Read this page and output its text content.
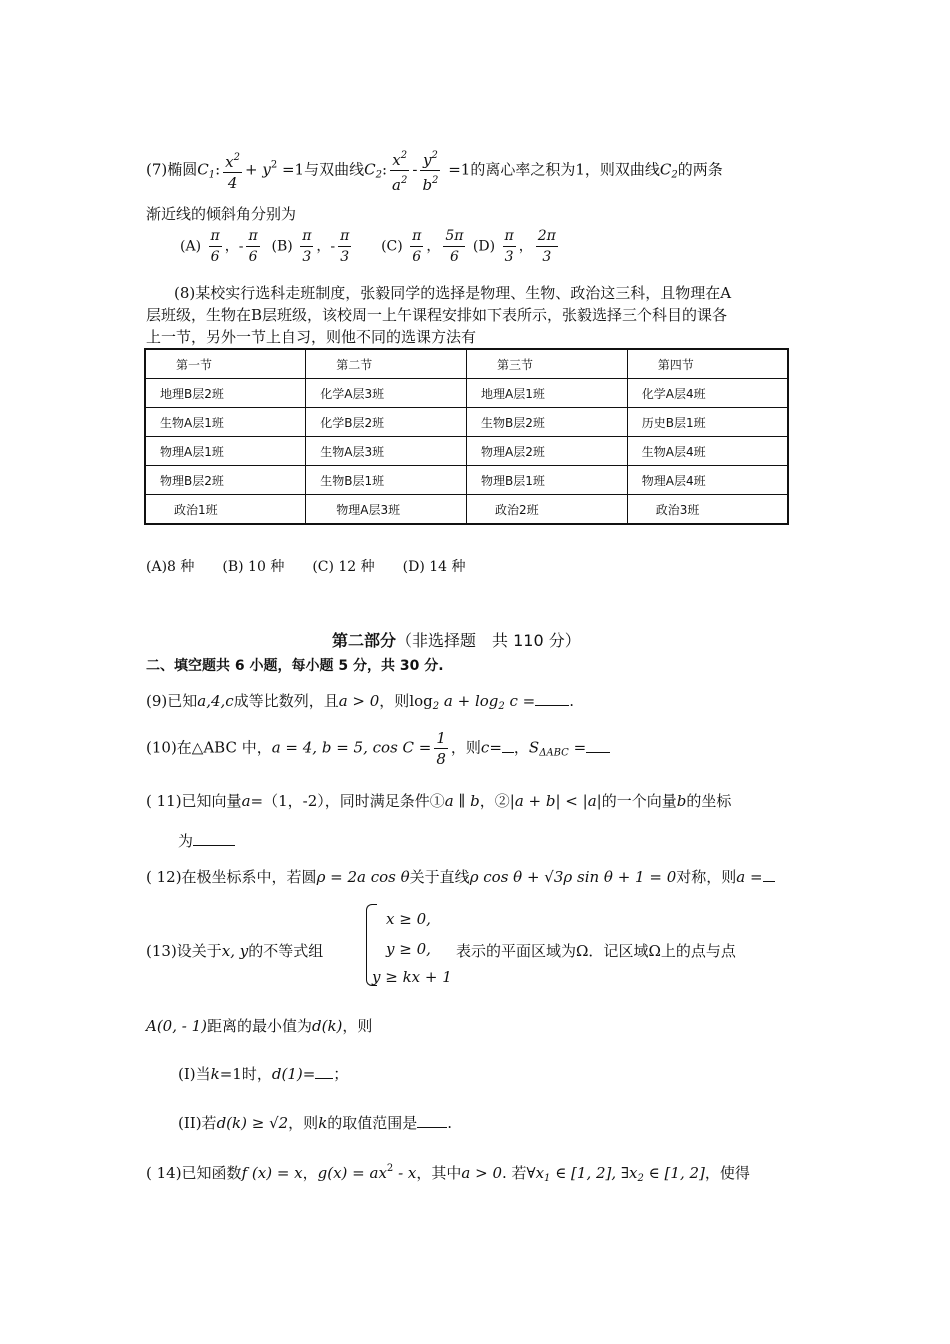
(7)椭圆$C_1$: $\frac{x^2}{4} + y^2 =1$与双曲线$C_2$: $\frac{x^2}{a^2} - \frac{y^2}{b^2} =1$的离心率之积为1，则双曲线$C_2$的两条
渐近线的倾斜角分别为
$(A) \frac{\pi}{6}$ ，- $\frac{\pi}{6} (B) \frac{\pi}{3}$ ，- $\frac{\pi}{3} (C) \frac{\pi}{6}$ ， $\frac{5\pi}{6} (D) \frac{\pi}{3}$ ， $\frac{2\pi}{3}$
(8)某校实行选科走班制度，张毅同学的选择是物理、生物、政治这三科，且物理在A
层班级，生物在B层班级，该校周一上午课程安排如下表所示，张毅选择三个科目的课各
上一节，另外一节上自习，则他不同的选课方法有
第一节	第二节	第三节	第四节
地理B层2班	化学A层3班	地理A层1班	化学A层4班
生物A层1班	化学B层2班	生物B层2班	历史B层1班
物理A层1班	生物A层3班	物理A层2班	生物A层4班
物理B层2班	生物B层1班	物理B层1班	物理A层4班
政治1班	物理A层3班	政治2班	政治3班
(A)8 种　　(B) 10 种　　(C) 12 种　　(D) 14 种
第二部分（非选择题　共 110 分）
二、填空题共 6 小题，每小题 5 分，共 30 分.
(9)已知a,4,c成等比数列，且a > 0，则$\log_2 a + \log_2 c$ = .
(10)在△ABC 中，a = 4, b = 5, $\cos C = \frac{1}{8}$ ，则c= ，$S_{\Delta ABC}$ =
( 11)已知向量a=（1，-2），同时满足条件①a ∥ b，②|a + b| < |a|的一个向量b的坐标
为
( 12)在极坐标系中，若圆ρ = 2a cos θ关于直线ρ cos θ + √3ρ sin θ + 1 = 0对称，则a =
(13)设关于x, y的不等式组
x ≥ 0,
y ≥ 0,
y ≥ kx + 1
表示的平面区域为Ω．记区域Ω上的点与点
A(0, - 1)距离的最小值为d(k)，则
(I)当k=1时，d(1)= ；
(II)若d(k) ≥ √2，则k的取值范围是 .
( 14)已知函数f (x) = x，$g(x) = ax^2 - x$，其中a > 0. 若$\forall x_1$ ∈ [1, 2], $\exists x_2$ ∈ [1, 2]，使得
